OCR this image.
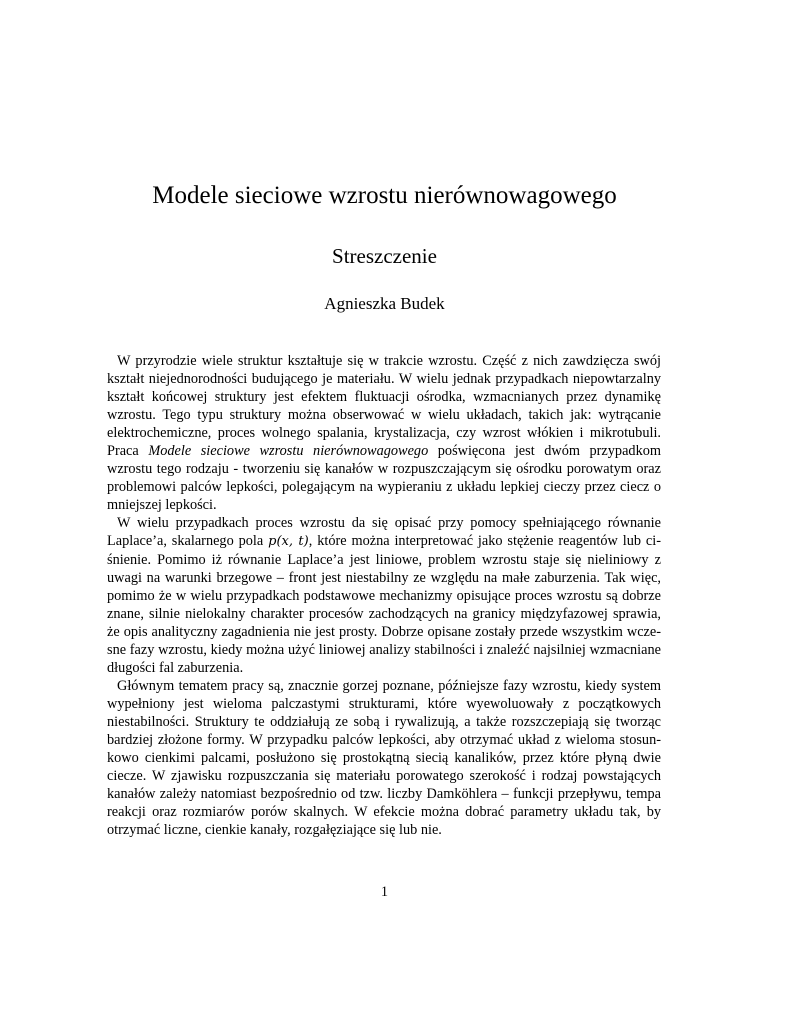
Modele sieciowe wzrostu nierównowagowego
Streszczenie
Agnieszka Budek

W przyrodzie wiele struktur kształtuje się w trakcie wzrostu. Część z nich zawdzięcza swój kształt niejednorodności budującego je materiału. W wielu jednak przypadkach niepowtarzalny kształt końcowej struktury jest efektem fluktuacji ośrodka, wzmacnianych przez dynamikę wzrostu. Tego typu struktury można obserwować w wielu układach, takich jak: wytrącanie elektrochemiczne, proces wolnego spalania, krystalizacja, czy wzrost włókien i mikrotubuli. Praca Modele sieciowe wzrostu nierównowagowego poświęcona jest dwóm przypadkom wzrostu tego rodzaju - tworzeniu się kanałów w rozpuszczającym się ośrodku porowatym oraz problemowi palców lepkości, polegającym na wypieraniu z układu lepkiej cieczy przez ciecz o mniejszej lepkości.

W wielu przypadkach proces wzrostu da się opisać przy pomocy spełniającego równanie Laplace’a, skalarnego pola p(x, t), które można interpretować jako stężenie reagentów lub ciśnienie. Pomimo iż równanie Laplace’a jest liniowe, problem wzrostu staje się nieliniowy z uwagi na warunki brzegowe – front jest niestabilny ze względu na małe zaburzenia. Tak więc, pomimo że w wielu przypadkach podstawowe mechanizmy opisujące proces wzrostu są dobrze znane, silnie nielokalny charakter procesów zachodzących na granicy międzyfazowej sprawia, że opis analityczny zagadnienia nie jest prosty. Dobrze opisane zostały przede wszystkim wczesne fazy wzrostu, kiedy można użyć liniowej analizy stabilności i znaleźć najsilniej wzmacniane długości fal zaburzenia.

Głównym tematem pracy są, znacznie gorzej poznane, późniejsze fazy wzrostu, kiedy system wypełniony jest wieloma palczastymi strukturami, które wyewoluowały z początkowych niestabilności. Struktury te oddziałują ze sobą i rywalizują, a także rozszczepiają się tworząc bardziej złożone formy. W przypadku palców lepkości, aby otrzymać układ z wieloma stosunkowo cienkimi palcami, posłużono się prostokątną siecią kanalików, przez które płyną dwie ciecze. W zjawisku rozpuszczania się materiału porowatego szerokość i rodzaj powstających kanałów zależy natomiast bezpośrednio od tzw. liczby Damköhlera – funkcji przepływu, tempa reakcji oraz rozmiarów porów skalnych. W efekcie można dobrać parametry układu tak, by otrzymać liczne, cienkie kanały, rozgałęziające się lub nie.

1
